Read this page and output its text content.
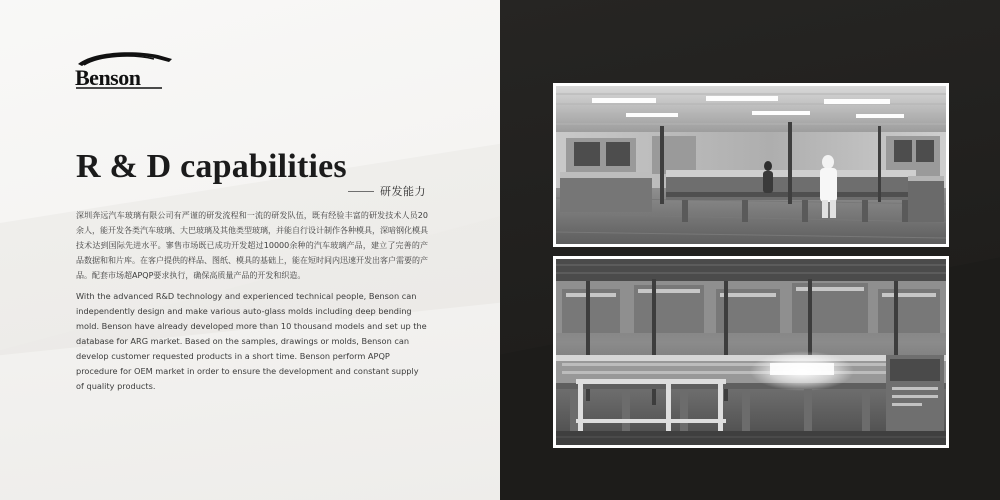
Benson
R & D capabilities
研发能力
深圳奔远汽车玻璃有限公司有严谨的研发流程和一流的研发队伍，既有经验丰富的研发技术人员20余人，能开发各类汽车玻璃、大巴玻璃及其他类型玻璃，并能自行设计制作各种模具，深喑钢化模具技术达到国际先进水平。寥售市场既已成功开发超过10000余种的汽车玻璃产品，建立了完善的产品数据和和片库。在客户提供的样品、图纸、模具的基础上，能在短时间内迅速开发出客户需要的产品。配套市场超APQP要求执行，确保高质量产品的开发和织造。
With the advanced R&D technology and experienced technical people, Benson can independently design and make various auto-glass molds including deep bending mold. Benson have already developed more than 10 thousand models and set up the database for ARG market. Based on the samples, drawings or molds, Benson can develop customer requested products in a short time. Benson perform APQP procedure for OEM market in order to ensure the development and constant supply of quality products.
